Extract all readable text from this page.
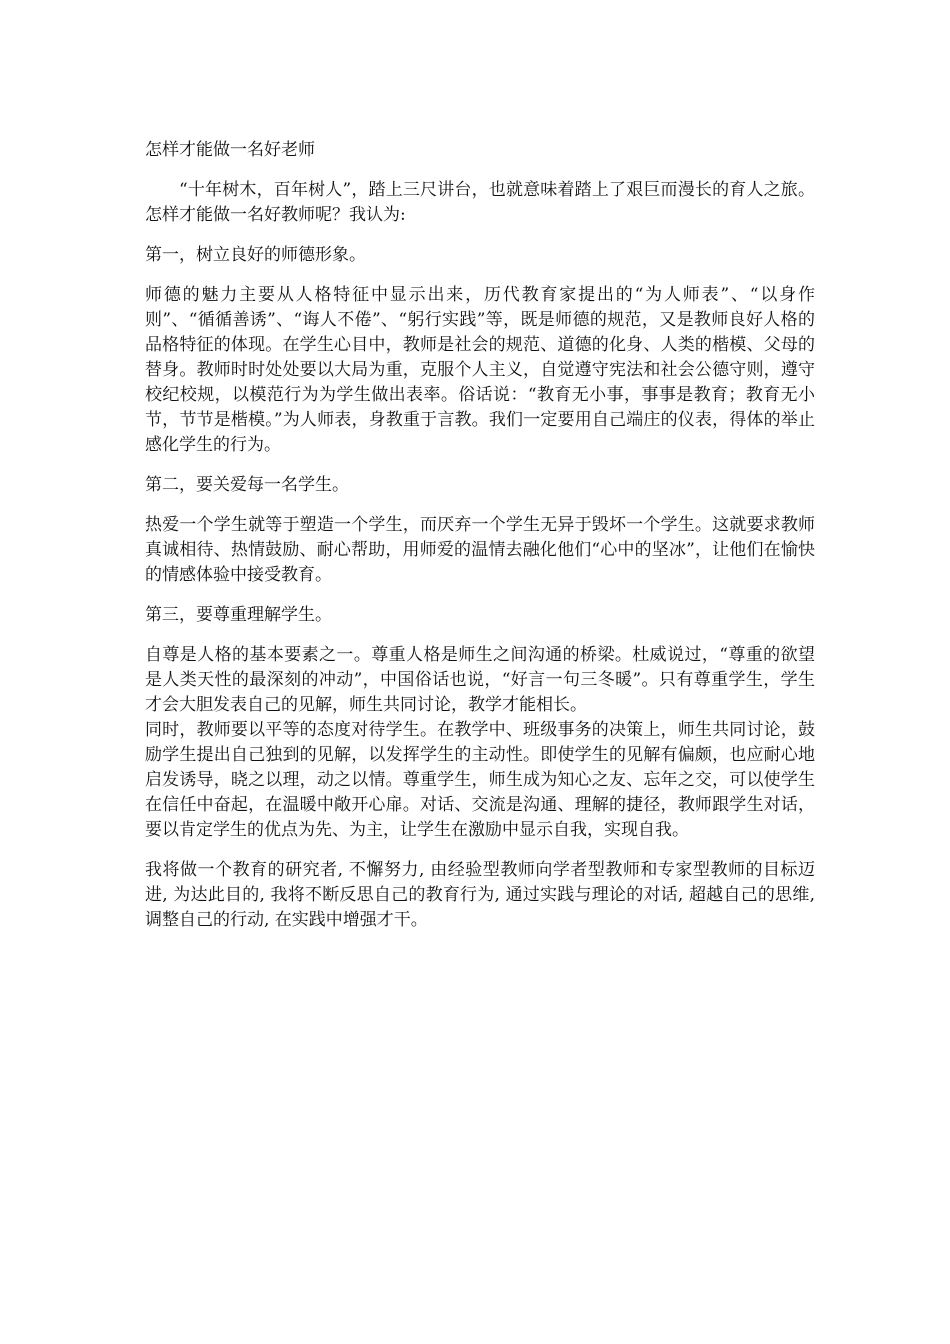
怎样才能做一名好老师

“十年树木，百年树人”，踏上三尺讲台，也就意味着踏上了艰巨而漫长的育人之旅。怎样才能做一名好教师呢？我认为:

第一，树立良好的师德形象。

师德的魅力主要从人格特征中显示出来，历代教育家提出的“为人师表”、“以身作则”、“循循善诱”、“诲人不倦”、“躬行实践”等，既是师德的规范，又是教师良好人格的品格特征的体现。在学生心目中，教师是社会的规范、道德的化身、人类的楷模、父母的替身。教师时时处处要以大局为重，克服个人主义，自觉遵守宪法和社会公德守则，遵守校纪校规，以模范行为为学生做出表率。俗话说：“教育无小事，事事是教育；教育无小节，节节是楷模。”为人师表，身教重于言教。我们一定要用自己端庄的仪表，得体的举止感化学生的行为。

第二，要关爱每一名学生。

热爱一个学生就等于塑造一个学生，而厌弃一个学生无异于毁坏一个学生。这就要求教师真诚相待、热情鼓励、耐心帮助，用师爱的温情去融化他们“心中的坚冰”，让他们在愉快的情感体验中接受教育。

第三，要尊重理解学生。

自尊是人格的基本要素之一。尊重人格是师生之间沟通的桥梁。杜威说过，“尊重的欲望是人类天性的最深刻的冲动”，中国俗话也说，“好言一句三冬暖”。只有尊重学生，学生才会大胆发表自己的见解，师生共同讨论，教学才能相长。

同时，教师要以平等的态度对待学生。在教学中、班级事务的决策上，师生共同讨论，鼓励学生提出自己独到的见解，以发挥学生的主动性。即使学生的见解有偏颇，也应耐心地启发诱导，晓之以理，动之以情。尊重学生，师生成为知心之友、忘年之交，可以使学生在信任中奋起，在温暖中敞开心扉。对话、交流是沟通、理解的捷径，教师跟学生对话，要以肯定学生的优点为先、为主，让学生在激励中显示自我，实现自我。

我将做一个教育的研究者, 不懈努力, 由经验型教师向学者型教师和专家型教师的目标迈进, 为达此目的, 我将不断反思自己的教育行为, 通过实践与理论的对话, 超越自己的思维, 调整自己的行动, 在实践中增强才干。
